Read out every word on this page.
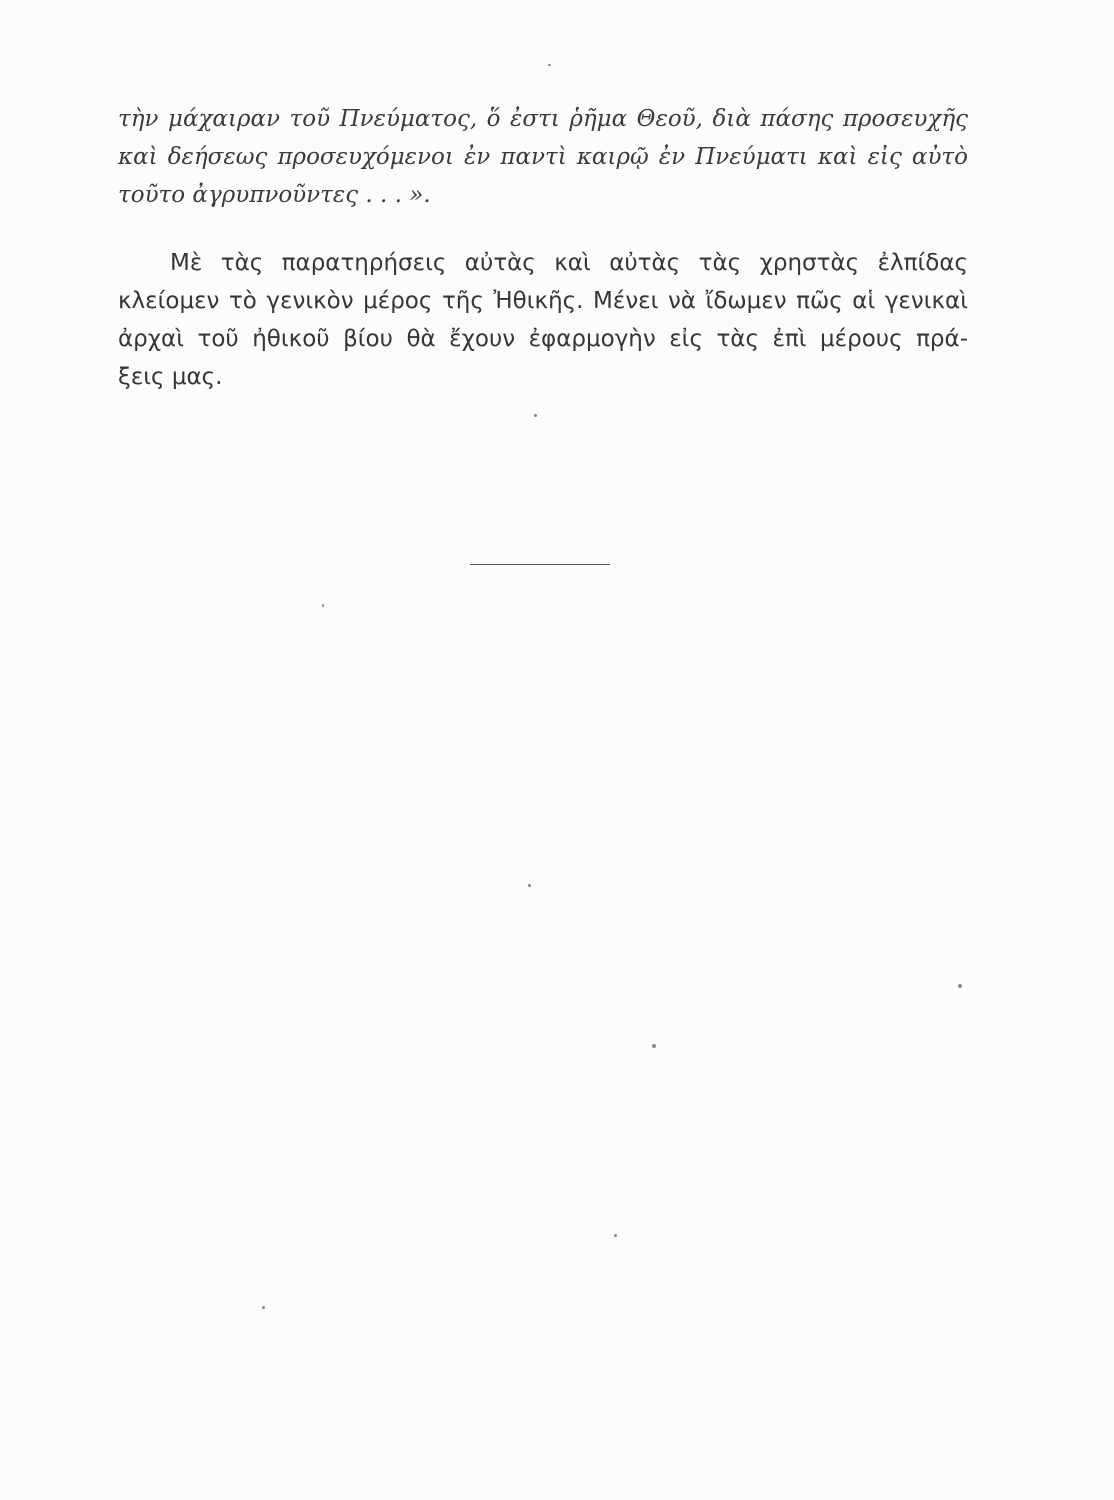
τὴν μάχαιραν τοῦ Πνεύματος, ὅ ἐστι ῥῆμα Θεοῦ, διὰ πάσης προσευχῆς
καὶ δεήσεως προσευχόμενοι ἐν παντὶ καιρῷ ἐν Πνεύματι καὶ εἰς αὐτὸ
τοῦτο ἀγρυπνοῦντες . . . ».
Μὲ τὰς παρατηρήσεις αὐτὰς καὶ αὐτὰς τὰς χρηστὰς ἐλπίδας
κλείομεν τὸ γενικὸν μέρος τῆς Ἠθικῆς. Μένει νὰ ἴδωμεν πῶς αἱ γενικαὶ
ἀρχαὶ τοῦ ἠθικοῦ βίου θὰ ἔχουν ἐφαρμογὴν εἰς τὰς ἐπὶ μέρους πρά-
ξεις μας.
